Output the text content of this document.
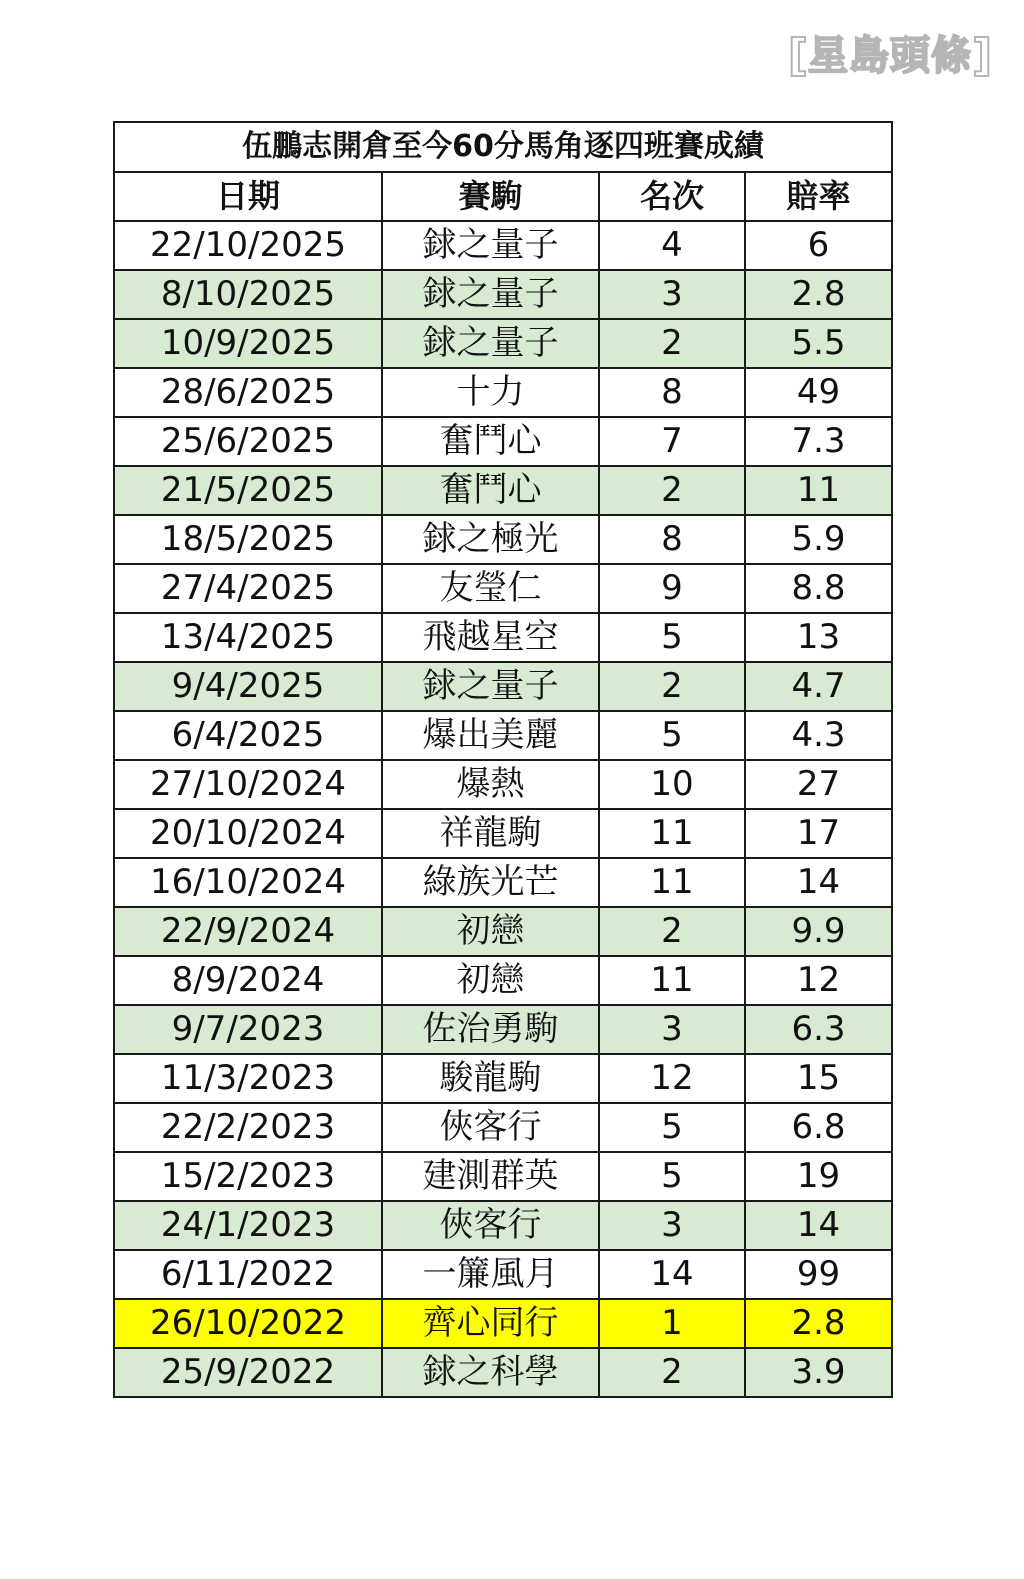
[ 星島頭條 ]
伍鵬志開倉至今60分馬角逐四班賽成績			
日期	賽駒	名次	賠率
22/10/2025	銶之量子	4	6
8/10/2025	銶之量子	3	2.8
10/9/2025	銶之量子	2	5.5
28/6/2025	十力	8	49
25/6/2025	奮鬥心	7	7.3
21/5/2025	奮鬥心	2	11
18/5/2025	銶之極光	8	5.9
27/4/2025	友瑩仁	9	8.8
13/4/2025	飛越星空	5	13
9/4/2025	銶之量子	2	4.7
6/4/2025	爆出美麗	5	4.3
27/10/2024	爆熱	10	27
20/10/2024	祥龍駒	11	17
16/10/2024	綠族光芒	11	14
22/9/2024	初戀	2	9.9
8/9/2024	初戀	11	12
9/7/2023	佐治勇駒	3	6.3
11/3/2023	駿龍駒	12	15
22/2/2023	俠客行	5	6.8
15/2/2023	建測群英	5	19
24/1/2023	俠客行	3	14
6/11/2022	一簾風月	14	99
26/10/2022	齊心同行	1	2.8
25/9/2022	銶之科學	2	3.9
